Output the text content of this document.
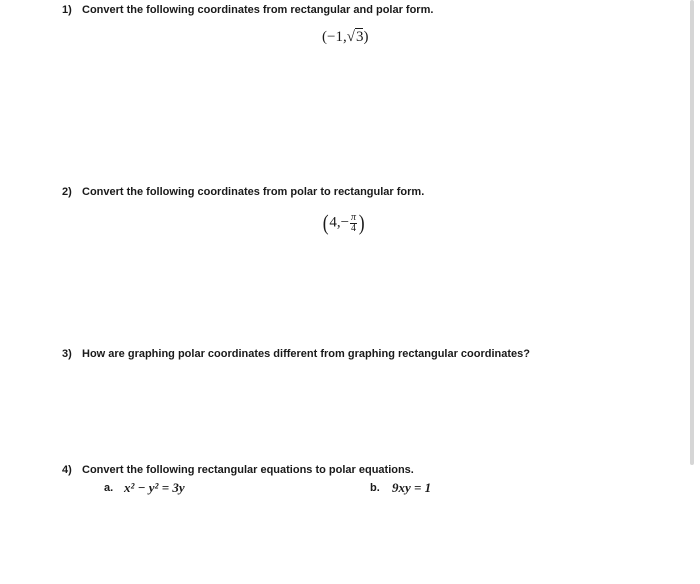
1) Convert the following coordinates from rectangular and polar form.
(−1,√3)
2) Convert the following coordinates from polar to rectangular form.
($4,- \frac{\pi}{4}$ )
3) How are graphing polar coordinates different from graphing rectangular coordinates?
4) Convert the following rectangular equations to polar equations.
a. x² − y² = 3y	b. 9xy = 1
